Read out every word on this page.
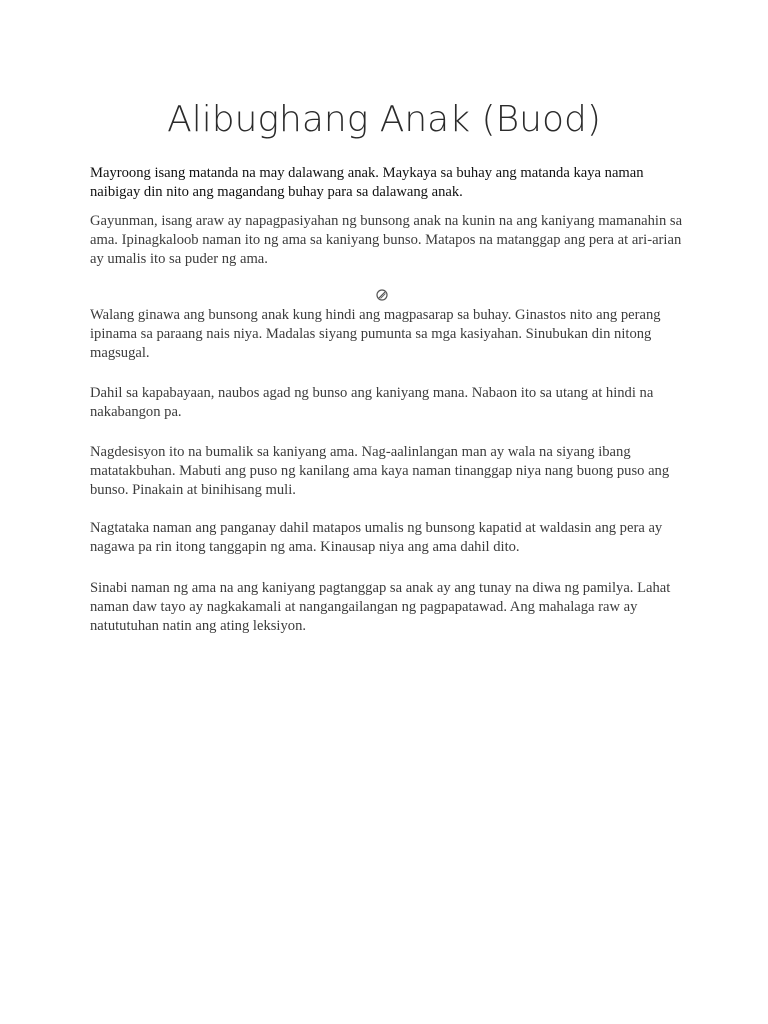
Alibughang Anak (Buod)

Mayroong isang matanda na may dalawang anak. Maykaya sa buhay ang matanda kaya naman naibigay din nito ang magandang buhay para sa dalawang anak.

Gayunman, isang araw ay napagpasiyahan ng bunsong anak na kunin na ang kaniyang mamanahin sa ama. Ipinagkaloob naman ito ng ama sa kaniyang bunso. Matapos na matanggap ang pera at ari-arian ay umalis ito sa puder ng ama.

Walang ginawa ang bunsong anak kung hindi ang magpasarap sa buhay. Ginastos nito ang perang ipinama sa paraang nais niya. Madalas siyang pumunta sa mga kasiyahan. Sinubukan din nitong magsugal.

Dahil sa kapabayaan, naubos agad ng bunso ang kaniyang mana. Nabaon ito sa utang at hindi na nakabangon pa.

Nagdesisyon ito na bumalik sa kaniyang ama. Nag-aalinlangan man ay wala na siyang ibang matatakbuhan. Mabuti ang puso ng kanilang ama kaya naman tinanggap niya nang buong puso ang bunso. Pinakain at binihisang muli.

Nagtataka naman ang panganay dahil matapos umalis ng bunsong kapatid at waldasin ang pera ay nagawa pa rin itong tanggapin ng ama. Kinausap niya ang ama dahil dito.

Sinabi naman ng ama na ang kaniyang pagtanggap sa anak ay ang tunay na diwa ng pamilya. Lahat naman daw tayo ay nagkakamali at nangangailangan ng pagpapatawad. Ang mahalaga raw ay natututuhan natin ang ating leksiyon.
